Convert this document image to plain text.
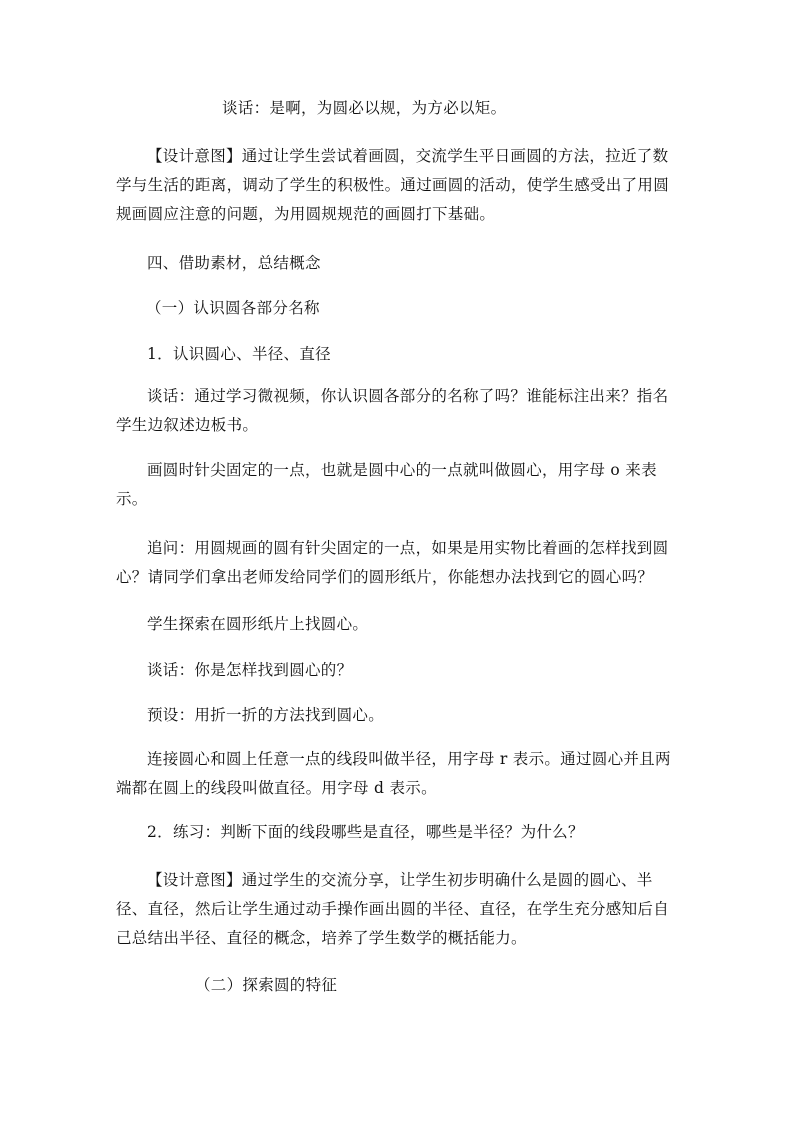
谈话：是啊，为圆必以规，为方必以矩。

【设计意图】通过让学生尝试着画圆，交流学生平日画圆的方法，拉近了数学与生活的距离，调动了学生的积极性。通过画圆的活动，使学生感受出了用圆规画圆应注意的问题，为用圆规规范的画圆打下基础。

四、借助素材，总结概念

（一）认识圆各部分名称

1．认识圆心、半径、直径

谈话：通过学习微视频，你认识圆各部分的名称了吗？谁能标注出来？指名学生边叙述边板书。

画圆时针尖固定的一点，也就是圆中心的一点就叫做圆心，用字母 o 来表示。

追问：用圆规画的圆有针尖固定的一点，如果是用实物比着画的怎样找到圆心？请同学们拿出老师发给同学们的圆形纸片，你能想办法找到它的圆心吗？

学生探索在圆形纸片上找圆心。

谈话：你是怎样找到圆心的？

预设：用折一折的方法找到圆心。

连接圆心和圆上任意一点的线段叫做半径，用字母 r 表示。通过圆心并且两端都在圆上的线段叫做直径。用字母 d 表示。

2．练习：判断下面的线段哪些是直径，哪些是半径？为什么？

【设计意图】通过学生的交流分享，让学生初步明确什么是圆的圆心、半径、直径，然后让学生通过动手操作画出圆的半径、直径，在学生充分感知后自己总结出半径、直径的概念，培养了学生数学的概括能力。

（二）探索圆的特征
